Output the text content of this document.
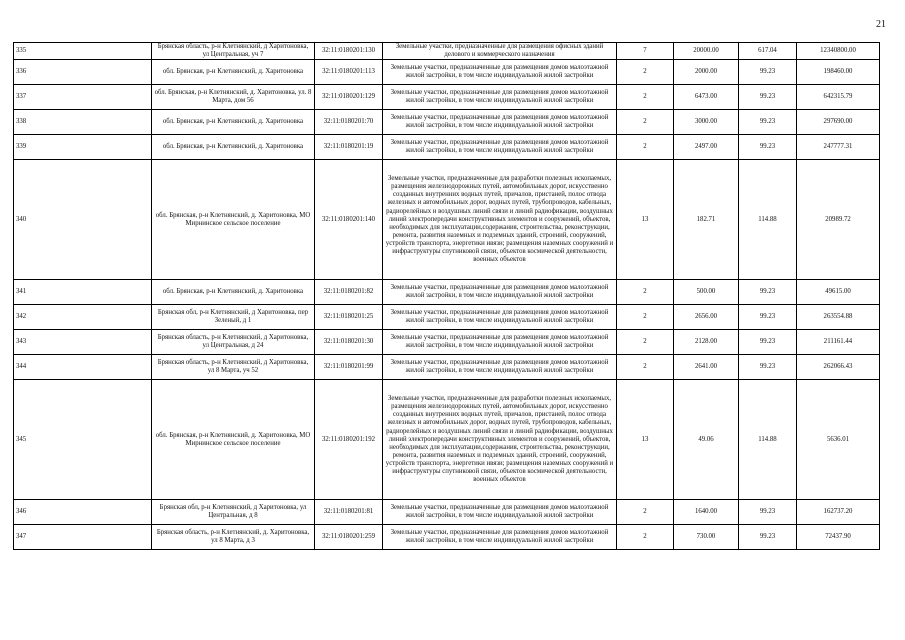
21
335	Брянская область, р-н Клетнянский, д Харитоновка, ул Центральная, уч 7	32:11:0180201:130	Земельные участки, предназначенные для размещения офисных зданий делового и коммерческого назначения	7	20000.00	617.04	12340800.00
336	обл. Брянская, р-н Клетнянский, д. Харитоновка	32:11:0180201:113	Земельные участки, предназначенные для размещения домов малоэтажной жилой застройки, в том числе индивидуальной жилой застройки	2	2000.00	99.23	198460.00
337	обл. Брянская, р-н Клетнянский, д. Харитоновка, ул. 8 Марта, дом 56	32:11:0180201:129	Земельные участки, предназначенные для размещения домов малоэтажной жилой застройки, в том числе индивидуальной жилой застройки	2	6473.00	99.23	642315.79
338	обл. Брянская, р-н Клетнянский, д. Харитоновка	32:11:0180201:70	Земельные участки, предназначенные для размещения домов малоэтажной жилой застройки, в том числе индивидуальной жилой застройки	2	3000.00	99.23	297690.00
339	обл. Брянская, р-н Клетнянский, д. Харитоновка	32:11:0180201:19	Земельные участки, предназначенные для размещения домов малоэтажной жилой застройки, в том числе индивидуальной жилой застройки	2	2497.00	99.23	247777.31
340	обл. Брянская, р-н Клетнянский, д. Харитоновка, МО Мирнинское сельское поселение	32:11:0180201:140	Земельные участки, предназначенные для разработки полезных ископаемых, размещения железнодорожных путей, автомобильных дорог, искусственно созданных внутренних водных путей, причалов, пристаней, полос отвода железных и автомобильных дорог, водных путей, трубопроводов, кабельных, радиорелейных и воздушных линий связи и линий радиофикации, воздушных линий электропередачи конструктивных элементов и сооружений, объектов, необходимых для эксплуатации,содержания, строительства, реконструкции, ремонта, развития наземных и подземных зданий, строений, сооружений, устройств транспорта, энергетики ивязи; размещения наземных сооружений и инфраструктуры спутниковой связи, объектов космической деятельности, военных объектов	13	182.71	114.88	20989.72
341	обл. Брянская, р-н Клетнянский, д. Харитоновка	32:11:0180201:82	Земельные участки, предназначенные для размещения домов малоэтажной жилой застройки, в том числе индивидуальной жилой застройки	2	500.00	99.23	49615.00
342	Брянская обл, р-н Клетнянский, д Харитоновка, пер Зеленый, д 1	32:11:0180201:25	Земельные участки, предназначенные для размещения домов малоэтажной жилой застройки, в том числе индивидуальной жилой застройки	2	2656.00	99.23	263554.88
343	Брянская область, р-н Клетнянский, д Харитоновка, ул Центральная, д 24	32:11:0180201:30	Земельные участки, предназначенные для размещения домов малоэтажной жилой застройки, в том числе индивидуальной жилой застройки	2	2128.00	99.23	211161.44
344	Брянская область, р-н Клетнянский, д Харитоновка, ул 8 Марта, уч 52	32:11:0180201:99	Земельные участки, предназначенные для размещения домов малоэтажной жилой застройки, в том числе индивидуальной жилой застройки	2	2641.00	99.23	262066.43
345	обл. Брянская, р-н Клетнянский, д. Харитоновка, МО Мирнинское сельское поселение	32:11:0180201:192	Земельные участки, предназначенные для разработки полезных ископаемых, размещения железнодорожных путей, автомобильных дорог, искусственно созданных внутренних водных путей, причалов, пристаней, полос отвода железных и автомобильных дорог, водных путей, трубопроводов, кабельных, радиорелейных и воздушных линий связи и линий радиофикации, воздушных линий электропередачи конструктивных элементов и сооружений, объектов, необходимых для эксплуатации,содержания, строительства, реконструкции, ремонта, развития наземных и подземных зданий, строений, сооружений, устройств транспорта, энергетики ивязи; размещения наземных сооружений и инфраструктуры спутниковой связи, объектов космической деятельности, военных объектов	13	49.06	114.88	5636.01
346	Брянская обл, р-н Клетнянский, д Харитоновка, ул Центральная, д 8	32:11:0180201:81	Земельные участки, предназначенные для размещения домов малоэтажной жилой застройки, в том числе индивидуальной жилой застройки	2	1640.00	99.23	162737.20
347	Брянская область, р-н Клетнянский, д. Харитоновка, ул 8 Марта, д 3	32:11:0180201:259	Земельные участки, предназначенные для размещения домов малоэтажной жилой застройки, в том числе индивидуальной жилой застройки	2	730.00	99.23	72437.90
